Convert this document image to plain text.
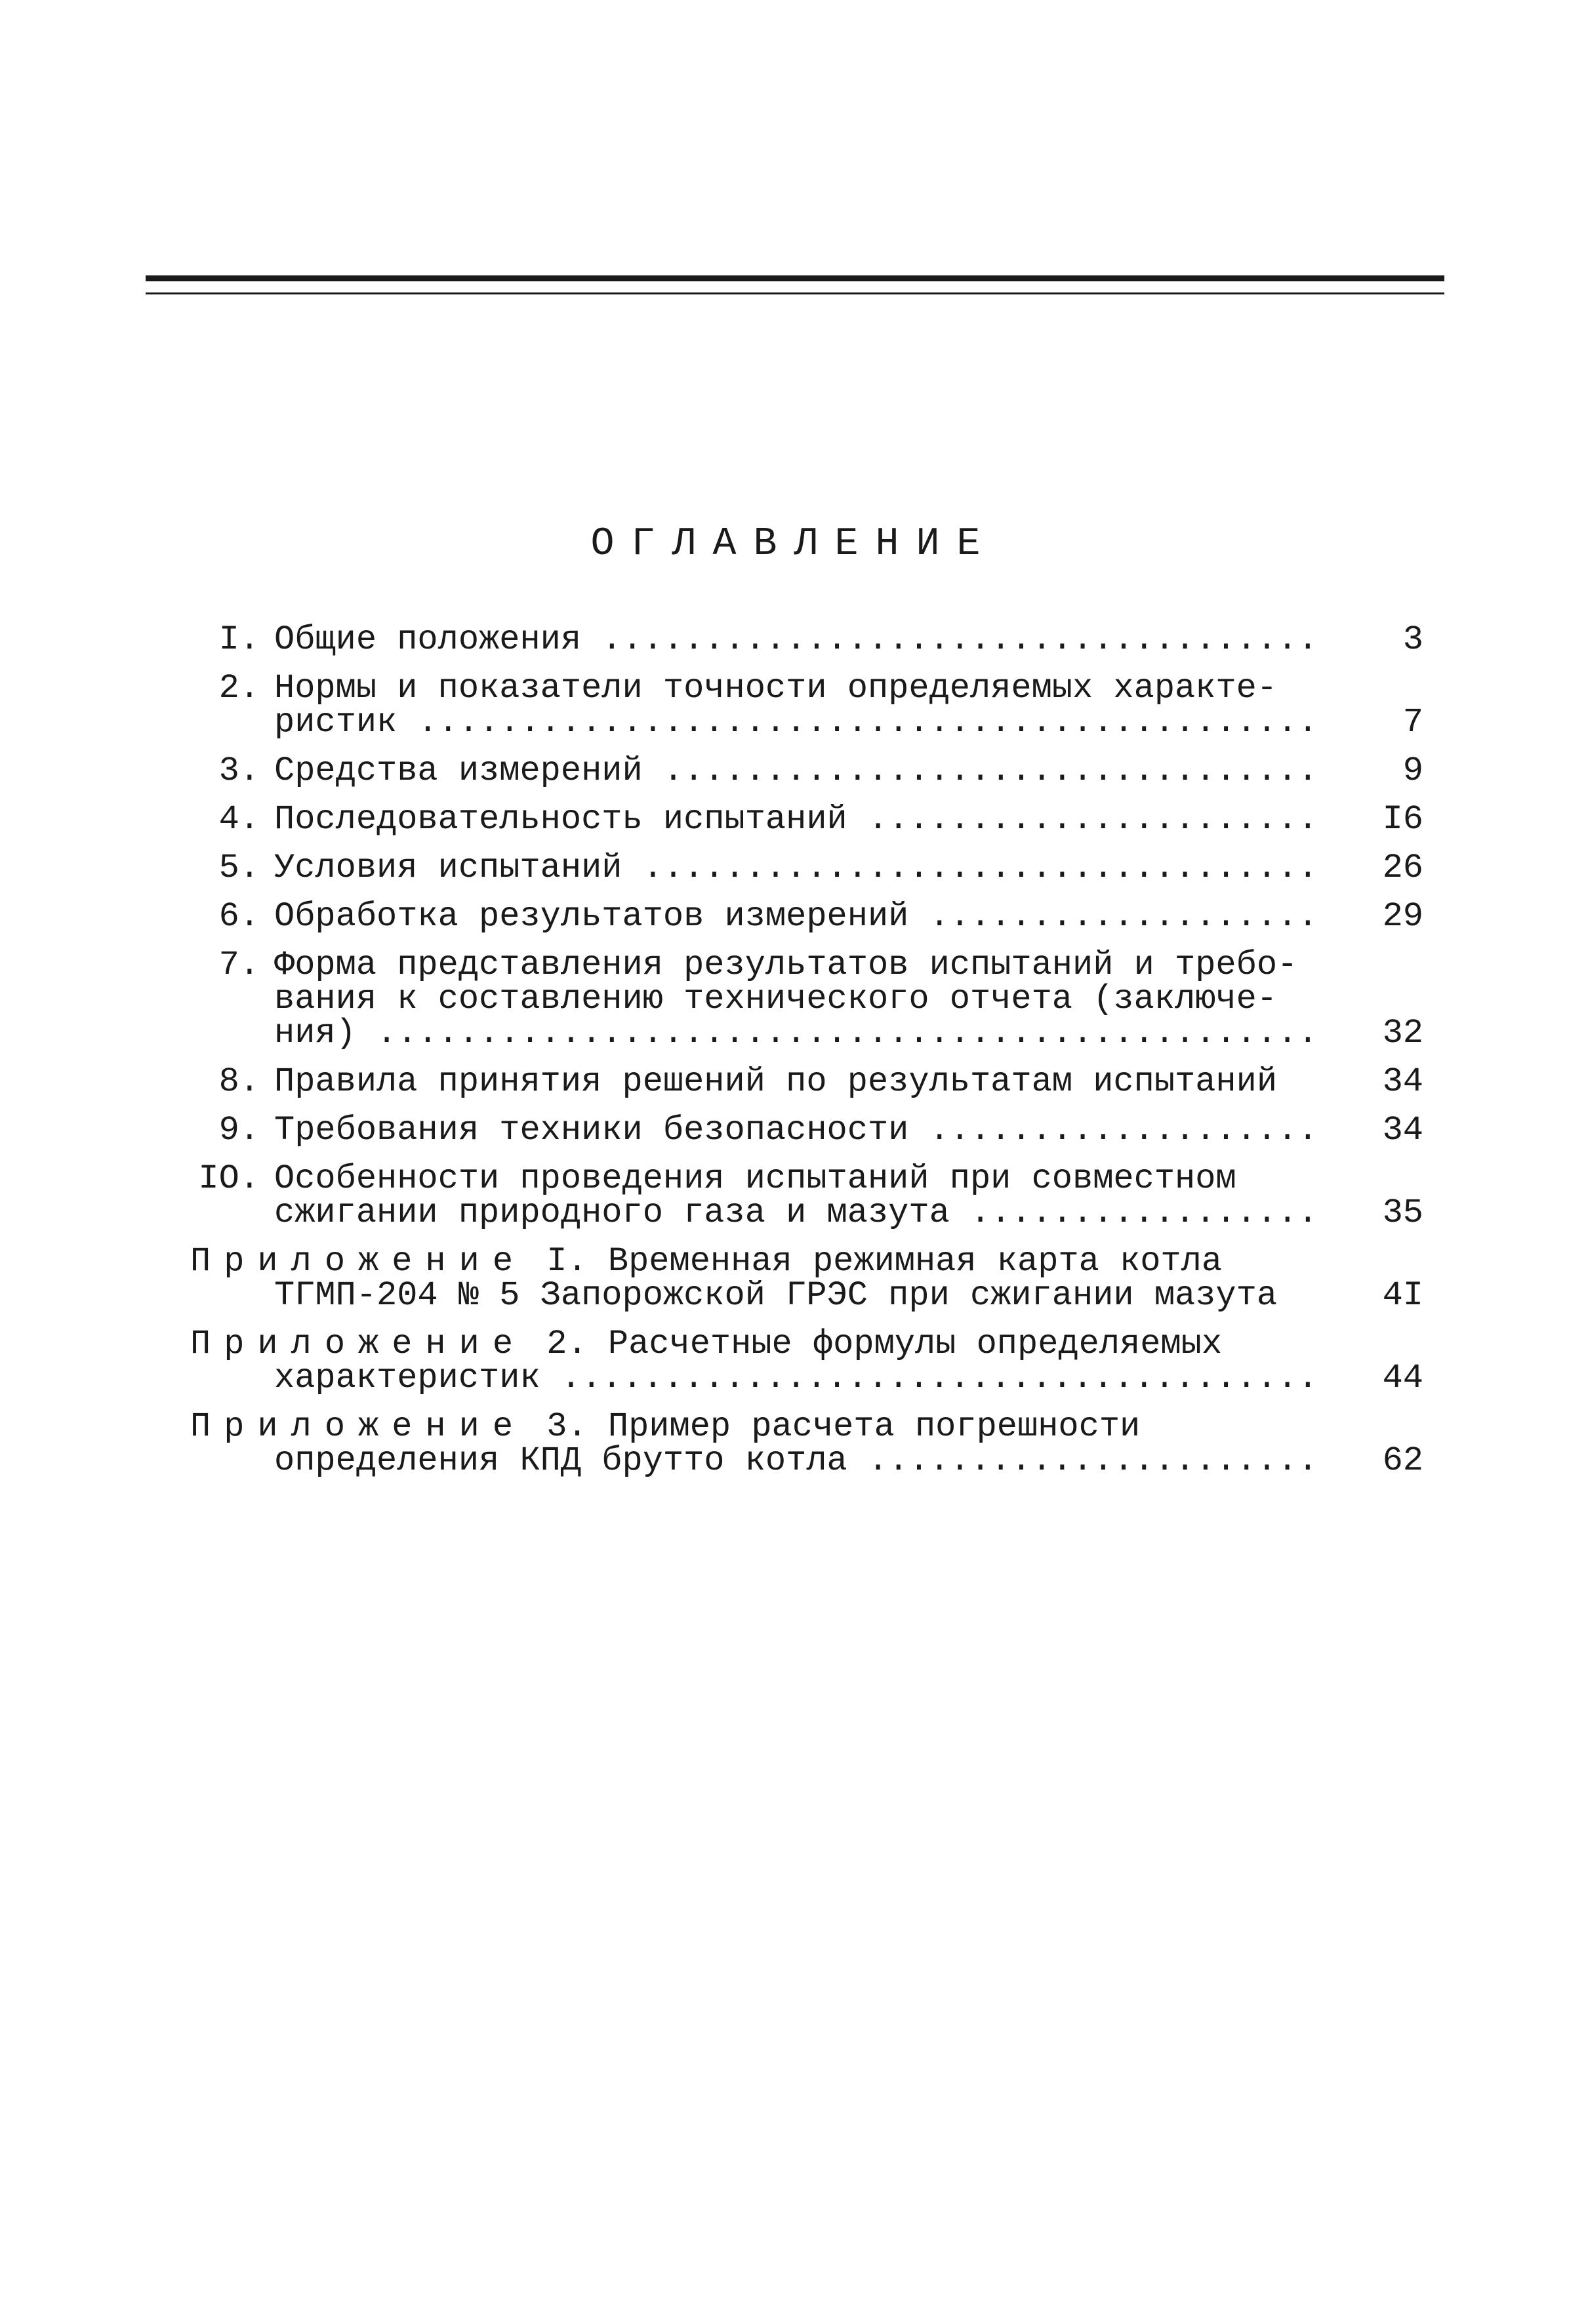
ОГЛАВЛЕНИЕ
I. Общие положения .....	3
2. Нормы и показатели точности определяемых характе-
ристик .....	7
3. Средства измерений .....	9
4. Последовательность испытаний .....	I6
5. Условия испытаний .....	26
6. Обработка результатов измерений .....	29
7. Форма представления результатов испытаний и требо-
вания к составлению технического отчета (заключе-
ния) .....	32
8. Правила принятия решений по результатам испытаний	34
9. Требования техники безопасности .....	34
IO. Особенности проведения испытаний при совместном
сжигании природного газа и мазута .....	35
Приложение I. Временная режимная карта котла
ТГМП-204 № 5 Запорожской ГРЭС при сжигании мазута	4I
Приложение 2. Расчетные формулы определяемых
характеристик .....	44
Приложение 3. Пример расчета погрешности
определения КПД брутто котла .....	62
